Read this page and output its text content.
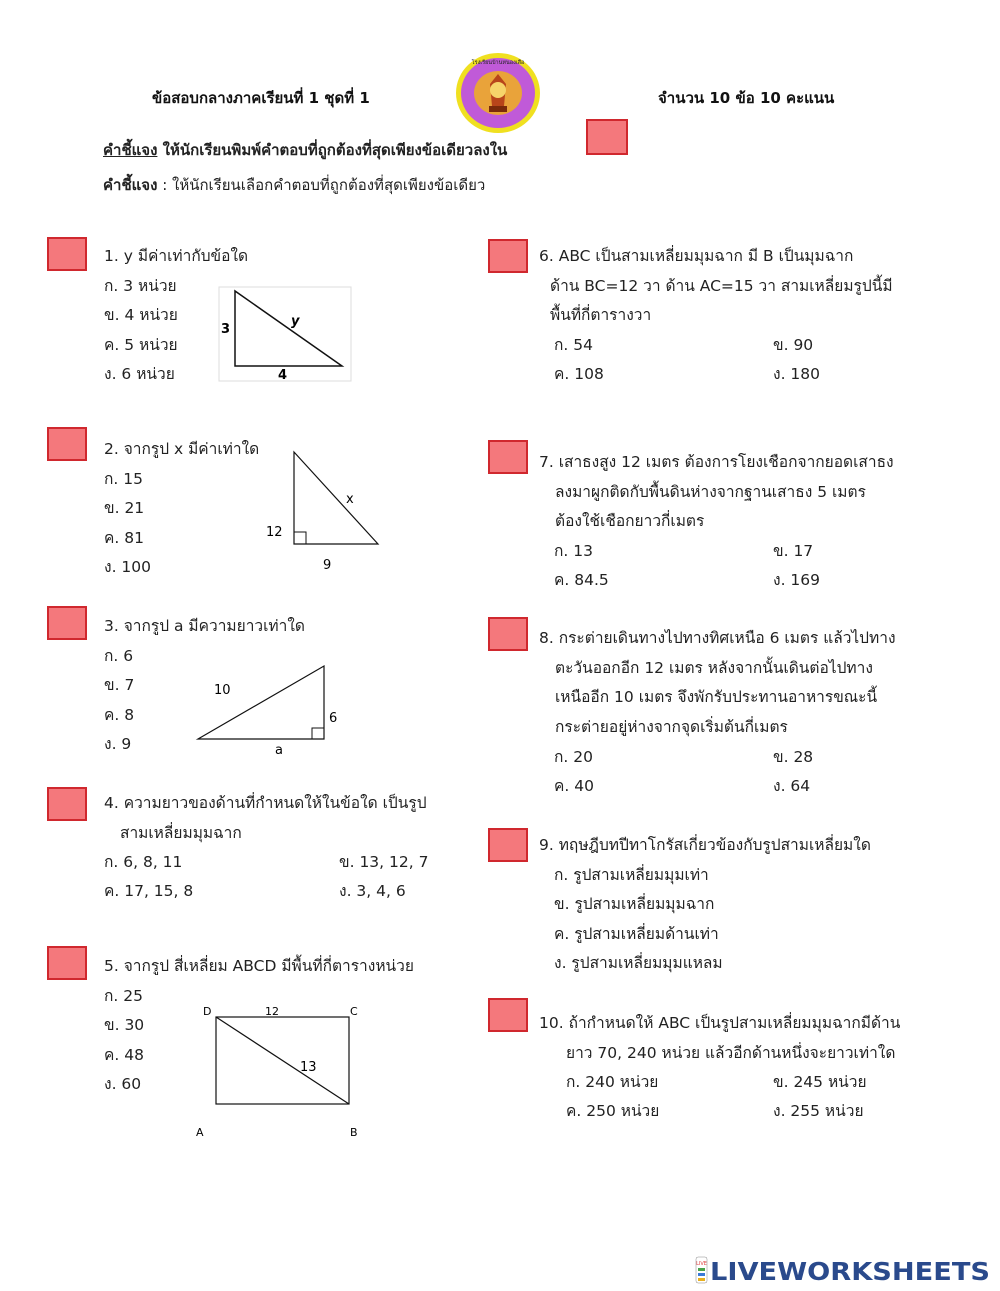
ข้อสอบกลางภาคเรียนที่ 1 ชุดที่ 1
โรงเรียนบ้านหนองเสือ
จำนวน 10 ข้อ 10 คะแนน
คำชี้แจง ให้นักเรียนพิมพ์คำตอบที่ถูกต้องที่สุดเพียงข้อเดียวลงใน
คำชี้แจง : ให้นักเรียนเลือกคำตอบที่ถูกต้องที่สุดเพียงข้อเดียว
1. y มีค่าเท่ากับข้อใด
ก. 3 หน่วย
ข. 4 หน่วย
ค. 5 หน่วย
ง. 6 หน่วย
3
y
4
2. จากรูป x มีค่าเท่าใด
ก. 15
ข. 21
ค. 81
ง. 100
12
x
9
3. จากรูป a มีความยาวเท่าใด
ก. 6
ข. 7
ค. 8
ง. 9
10
6
a
4. ความยาวของด้านที่กำหนดให้ในข้อใด เป็นรูป
สามเหลี่ยมมุมฉาก
ก. 6, 8, 11	ข. 13, 12, 7
ค. 17, 15, 8	ง. 3, 4, 6
5. จากรูป สี่เหลี่ยม ABCD มีพื้นที่กี่ตารางหน่วย
ก. 25
ข. 30
ค. 48
ง. 60
D	C
A	B
12
13
6. ABC เป็นสามเหลี่ยมมุมฉาก มี B เป็นมุมฉาก
ด้าน BC=12 วา ด้าน AC=15 วา สามเหลี่ยมรูปนี้มี
พื้นที่กี่ตารางวา
ก. 54	ข. 90
ค. 108	ง. 180
7. เสาธงสูง 12 เมตร ต้องการโยงเชือกจากยอดเสาธง
ลงมาผูกติดกับพื้นดินห่างจากฐานเสาธง 5 เมตร
ต้องใช้เชือกยาวกี่เมตร
ก. 13	ข. 17
ค. 84.5	ง. 169
8. กระต่ายเดินทางไปทางทิศเหนือ 6 เมตร แล้วไปทาง
ตะวันออกอีก 12 เมตร หลังจากนั้นเดินต่อไปทาง
เหนืออีก 10 เมตร จึงพักรับประทานอาหารขณะนี้
กระต่ายอยู่ห่างจากจุดเริ่มต้นกี่เมตร
ก. 20	ข. 28
ค. 40	ง. 64
9. ทฤษฎีบทปีทาโกรัสเกี่ยวข้องกับรูปสามเหลี่ยมใด
ก. รูปสามเหลี่ยมมุมเท่า
ข. รูปสามเหลี่ยมมุมฉาก
ค. รูปสามเหลี่ยมด้านเท่า
ง. รูปสามเหลี่ยมมุมแหลม
10. ถ้ากำหนดให้ ABC เป็นรูปสามเหลี่ยมมุมฉากมีด้าน
ยาว 70, 240 หน่วย แล้วอีกด้านหนึ่งจะยาวเท่าใด
ก. 240 หน่วย	ข. 245 หน่วย
ค. 250 หน่วย	ง. 255 หน่วย
LIVE LIVEWORKSHEETS
